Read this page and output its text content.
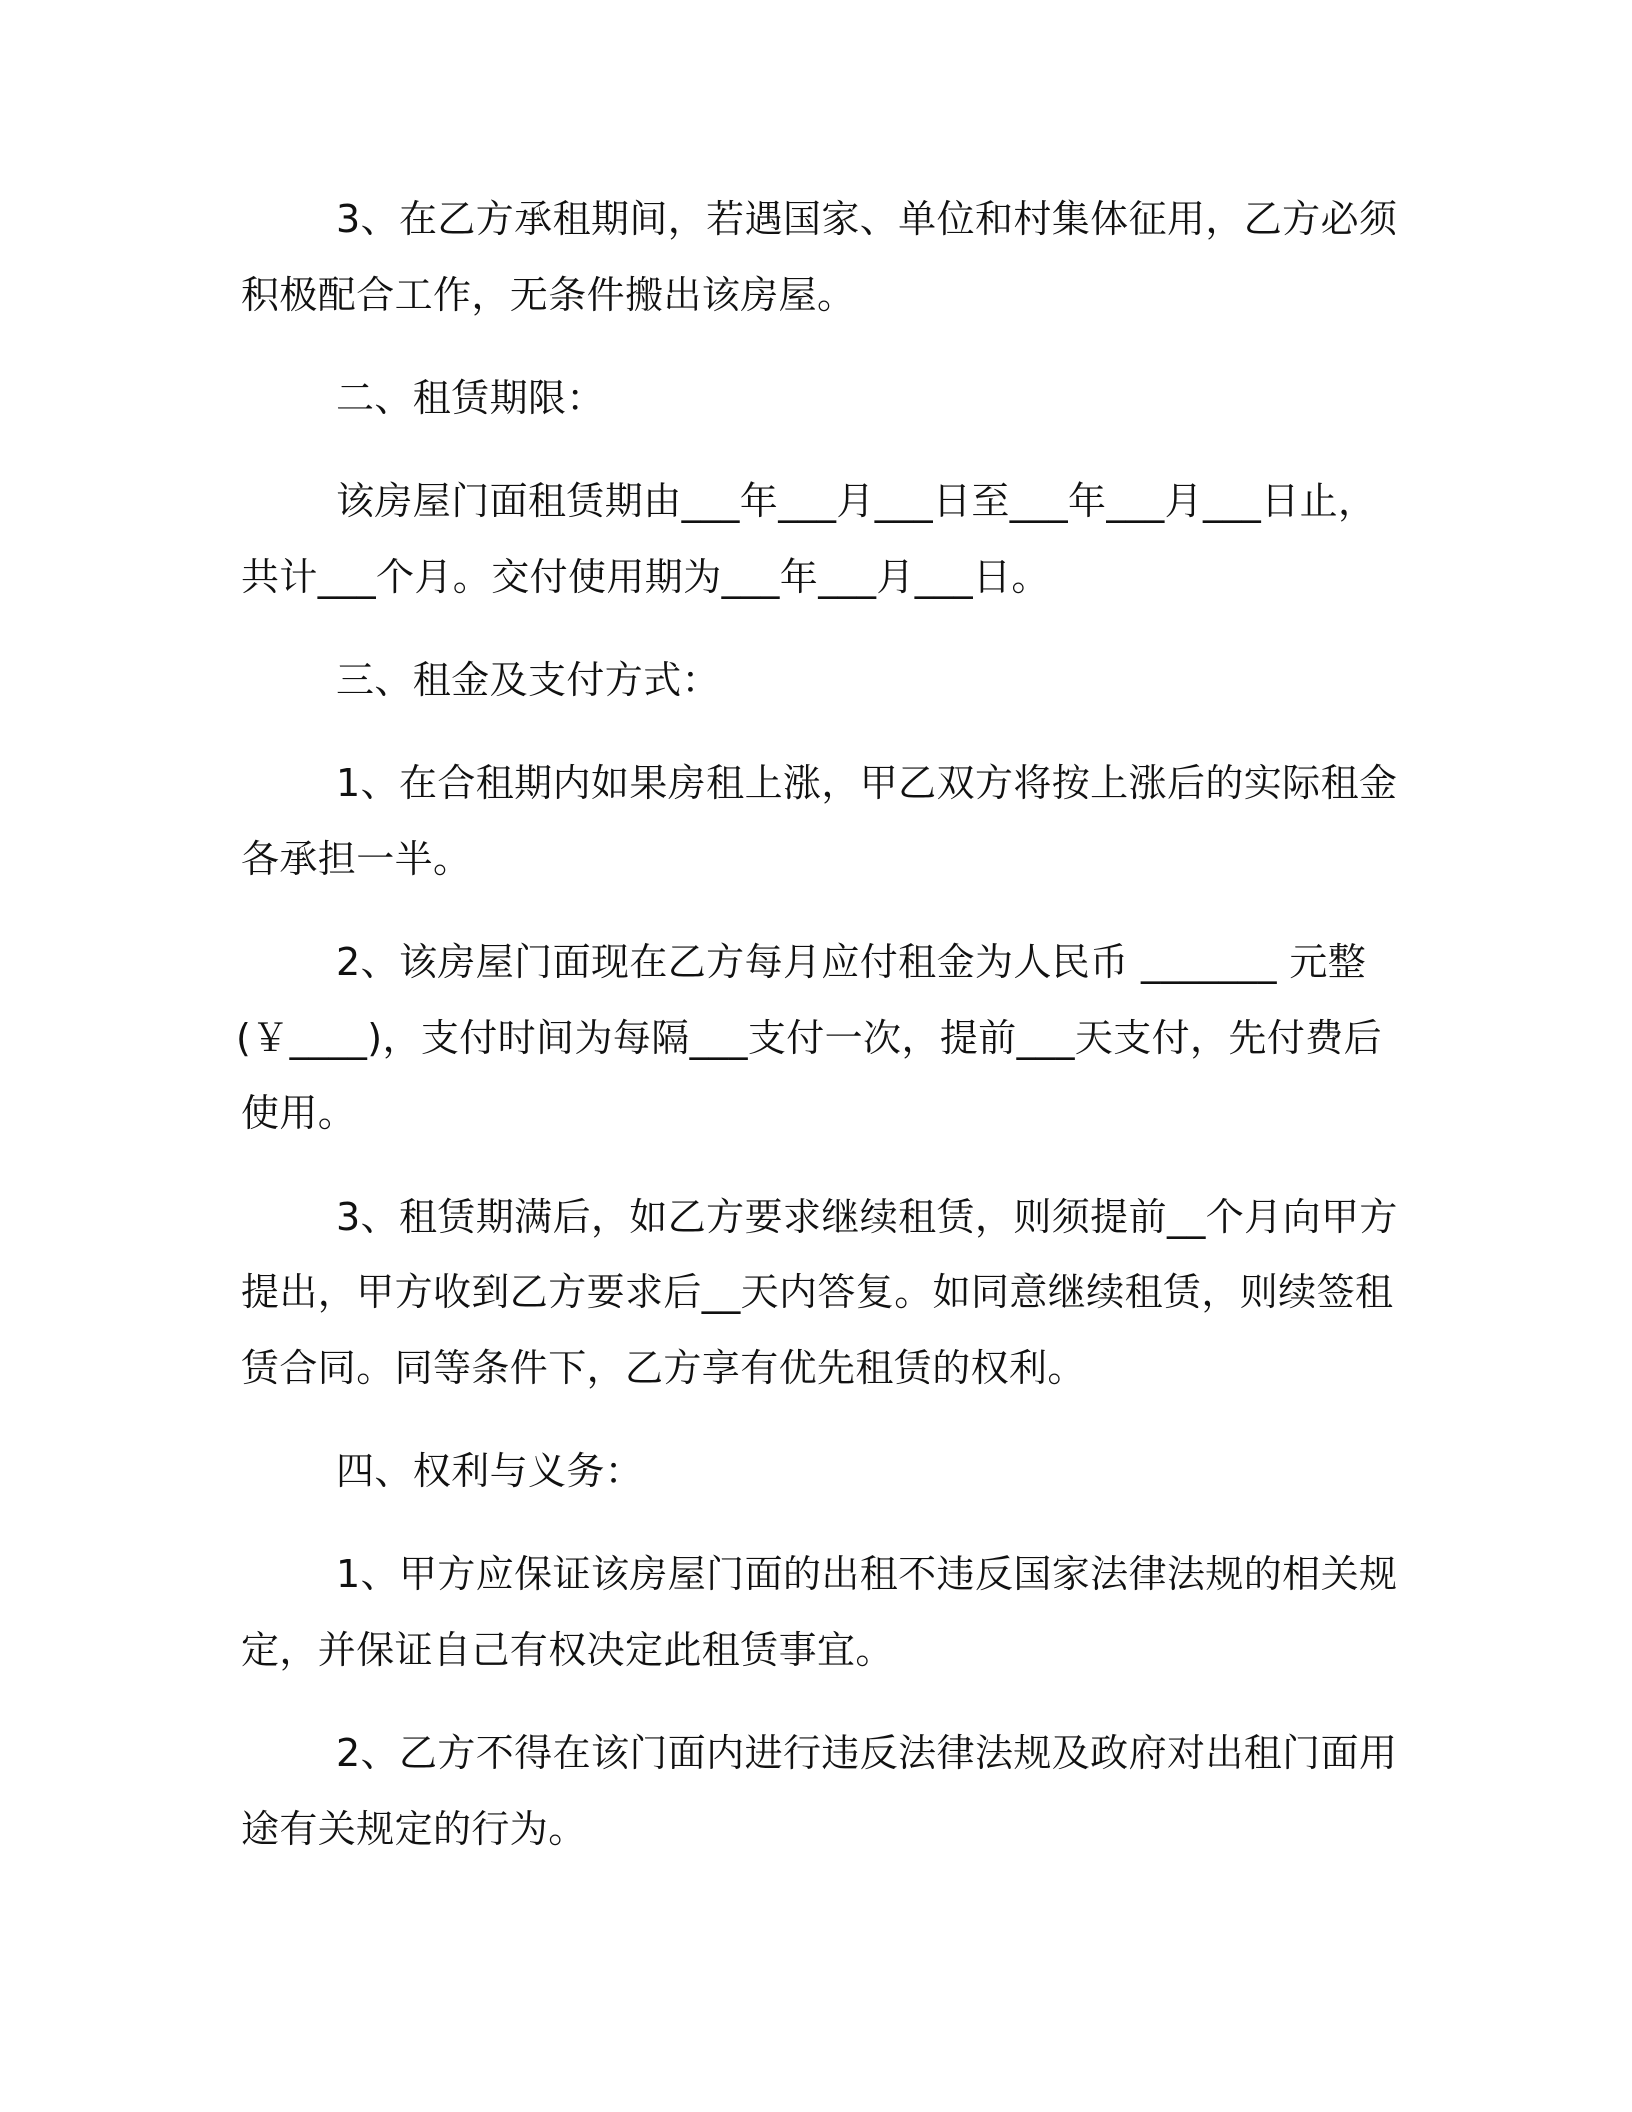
3、在乙方承租期间，若遇国家、单位和村集体征用，乙方必须
积极配合工作，无条件搬出该房屋。
二、租赁期限：
该房屋门面租赁期由___年___月___日至___年___月___日止，
共计___个月。交付使用期为___年___月___日。
三、租金及支付方式：
1、在合租期内如果房租上涨，甲乙双方将按上涨后的实际租金
各承担一半。
2、该房屋门面现在乙方每月应付租金为人民币 _______ 元整
(￥____)，支付时间为每隔___支付一次，提前___天支付，先付费后
使用。
3、租赁期满后，如乙方要求继续租赁，则须提前__个月向甲方
提出，甲方收到乙方要求后__天内答复。如同意继续租赁，则续签租
赁合同。同等条件下，乙方享有优先租赁的权利。
四、权利与义务：
1、甲方应保证该房屋门面的出租不违反国家法律法规的相关规
定，并保证自己有权决定此租赁事宜。
2、乙方不得在该门面内进行违反法律法规及政府对出租门面用
途有关规定的行为。
